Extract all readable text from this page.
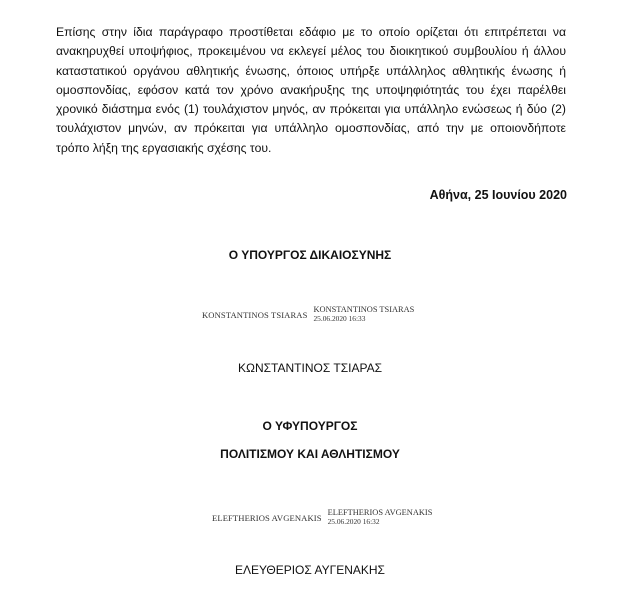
Επίσης στην ίδια παράγραφο προστίθεται εδάφιο με το οποίο ορίζεται ότι επιτρέπεται να ανακηρυχθεί υποψήφιος, προκειμένου να εκλεγεί μέλος του διοικητικού συμβουλίου ή άλλου καταστατικού οργάνου αθλητικής ένωσης, όποιος υπήρξε υπάλληλος αθλητικής ένωσης ή ομοσπονδίας, εφόσον κατά τον χρόνο ανακήρυξης της υποψηφιότητάς του έχει παρέλθει χρονικό διάστημα ενός (1) τουλάχιστον μηνός, αν πρόκειται για υπάλληλο ενώσεως ή δύο (2) τουλάχιστον μηνών, αν πρόκειται για υπάλληλο ομοσπονδίας, από την με οποιονδήποτε τρόπο λήξη της εργασιακής σχέσης του.

Αθήνα, 25 Ιουνίου 2020
Ο ΥΠΟΥΡΓΟΣ ΔΙΚΑΙΟΣΥΝΗΣ
KONSTANTINOS TSIARAS
KONSTANTINOS TSIARAS
25.06.2020 16:33
ΚΩΝΣΤΑΝΤΙΝΟΣ ΤΣΙΑΡΑΣ
Ο ΥΦΥΠΟΥΡΓΟΣ
ΠΟΛΙΤΙΣΜΟΥ ΚΑΙ ΑΘΛΗΤΙΣΜΟΥ
ELEFTHERIOS AVGENAKIS
ELEFTHERIOS AVGENAKIS
25.06.2020 16:32
ΕΛΕΥΘΕΡΙΟΣ ΑΥΓΕΝΑΚΗΣ
